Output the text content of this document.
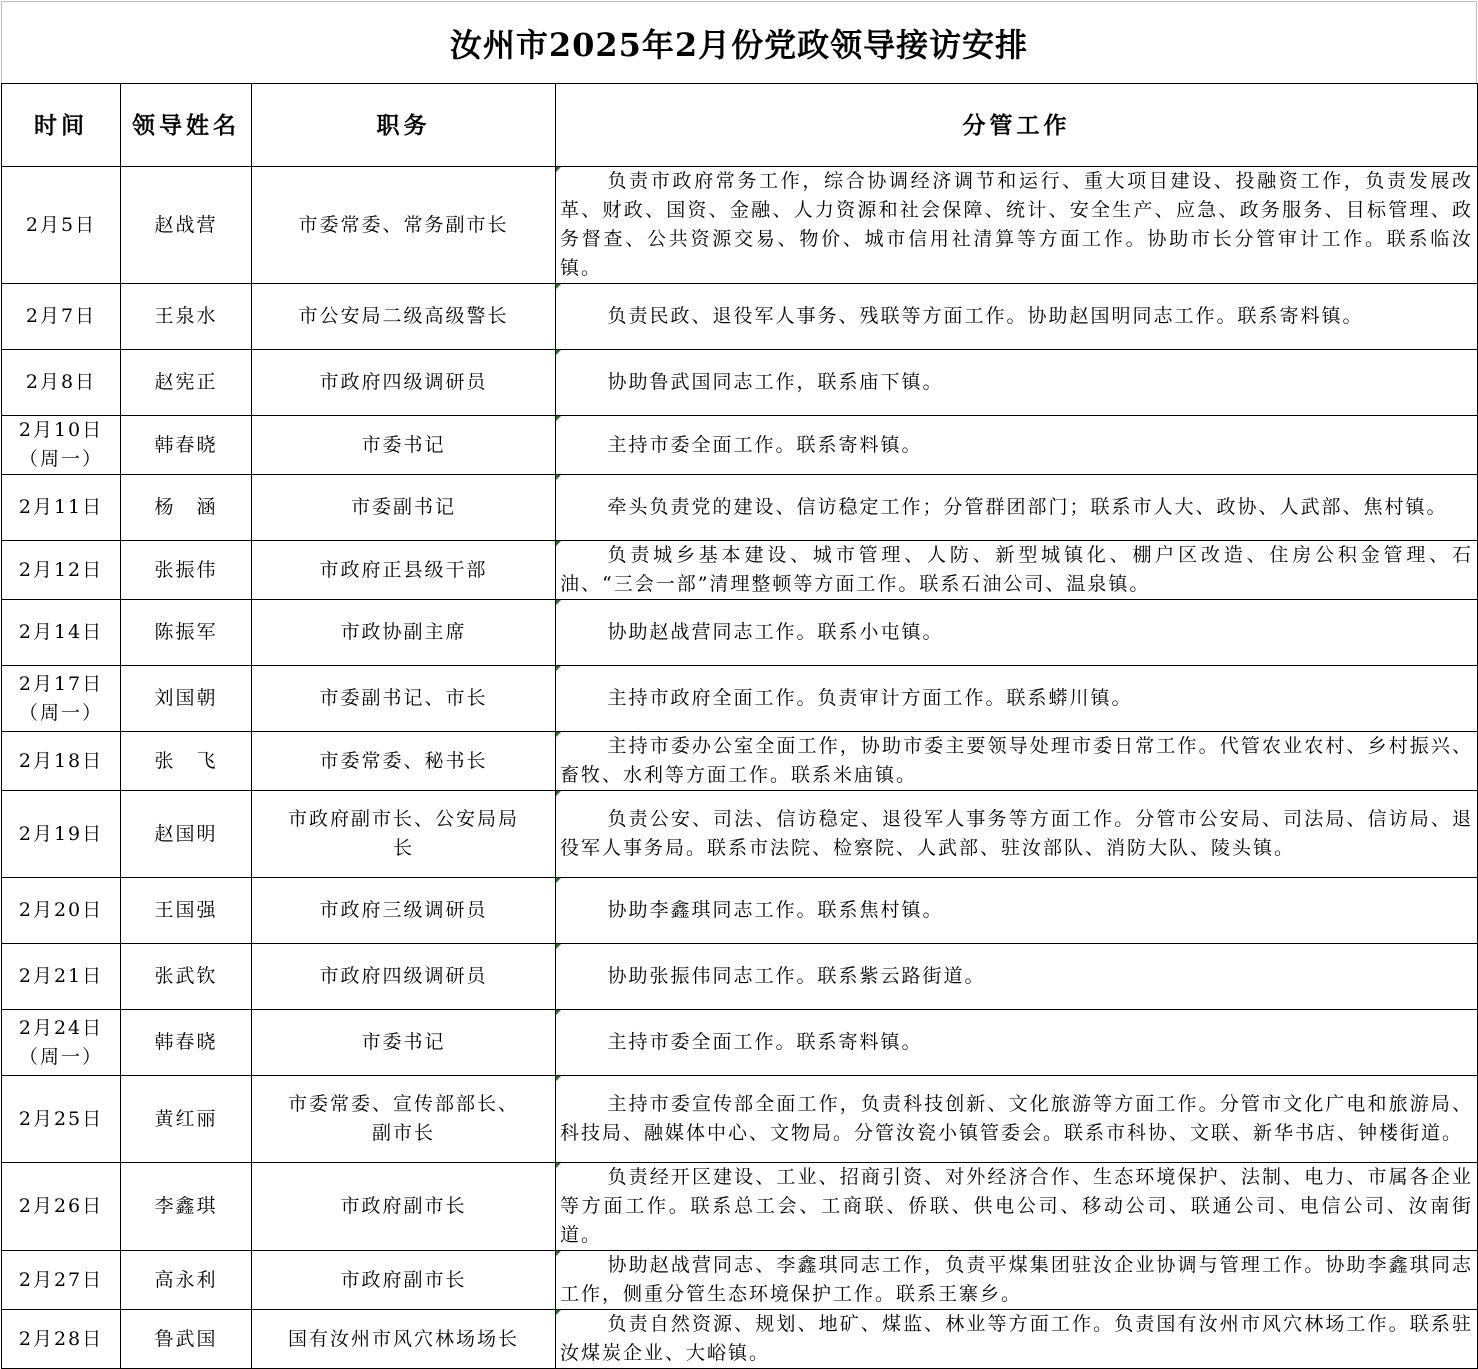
汝州市2025年2月份党政领导接访安排
时间	领导姓名	职务	分管工作

2月5日	赵战营	市委常委、常务副市长	负责市政府常务工作，综合协调经济调节和运行、重大项目建设、投融资工作，负责发展改革、财政、国资、金融、人力资源和社会保障、统计、安全生产、应急、政务服务、目标管理、政务督查、公共资源交易、物价、城市信用社清算等方面工作。协助市长分管审计工作。联系临汝镇。

2月7日	王泉水	市公安局二级高级警长	负责民政、退役军人事务、残联等方面工作。协助赵国明同志工作。联系寄料镇。

2月8日	赵宪正	市政府四级调研员	协助鲁武国同志工作，联系庙下镇。

2月10日
（周一）	韩春晓	市委书记	主持市委全面工作。联系寄料镇。

2月11日	杨　涵	市委副书记	牵头负责党的建设、信访稳定工作；分管群团部门；联系市人大、政协、人武部、焦村镇。

2月12日	张振伟	市政府正县级干部	负责城乡基本建设、城市管理、人防、新型城镇化、棚户区改造、住房公积金管理、石油、“三会一部”清理整顿等方面工作。联系石油公司、温泉镇。

2月14日	陈振军	市政协副主席	协助赵战营同志工作。联系小屯镇。

2月17日
（周一）	刘国朝	市委副书记、市长	主持市政府全面工作。负责审计方面工作。联系蟒川镇。

2月18日	张　飞	市委常委、秘书长	主持市委办公室全面工作，协助市委主要领导处理市委日常工作。代管农业农村、乡村振兴、畜牧、水利等方面工作。联系米庙镇。

2月19日	赵国明	市政府副市长、公安局局长	负责公安、司法、信访稳定、退役军人事务等方面工作。分管市公安局、司法局、信访局、退役军人事务局。联系市法院、检察院、人武部、驻汝部队、消防大队、陵头镇。

2月20日	王国强	市政府三级调研员	协助李鑫琪同志工作。联系焦村镇。

2月21日	张武钦	市政府四级调研员	协助张振伟同志工作。联系紫云路街道。

2月24日
（周一）	韩春晓	市委书记	主持市委全面工作。联系寄料镇。

2月25日	黄红丽	市委常委、宣传部部长、副市长	主持市委宣传部全面工作，负责科技创新、文化旅游等方面工作。分管市文化广电和旅游局、科技局、融媒体中心、文物局。分管汝瓷小镇管委会。联系市科协、文联、新华书店、钟楼街道。

2月26日	李鑫琪	市政府副市长	负责经开区建设、工业、招商引资、对外经济合作、生态环境保护、法制、电力、市属各企业等方面工作。联系总工会、工商联、侨联、供电公司、移动公司、联通公司、电信公司、汝南街道。

2月27日	高永利	市政府副市长	协助赵战营同志、李鑫琪同志工作，负责平煤集团驻汝企业协调与管理工作。协助李鑫琪同志工作，侧重分管生态环境保护工作。联系王寨乡。

2月28日	鲁武国	国有汝州市风穴林场场长	负责自然资源、规划、地矿、煤监、林业等方面工作。负责国有汝州市风穴林场工作。联系驻汝煤炭企业、大峪镇。
